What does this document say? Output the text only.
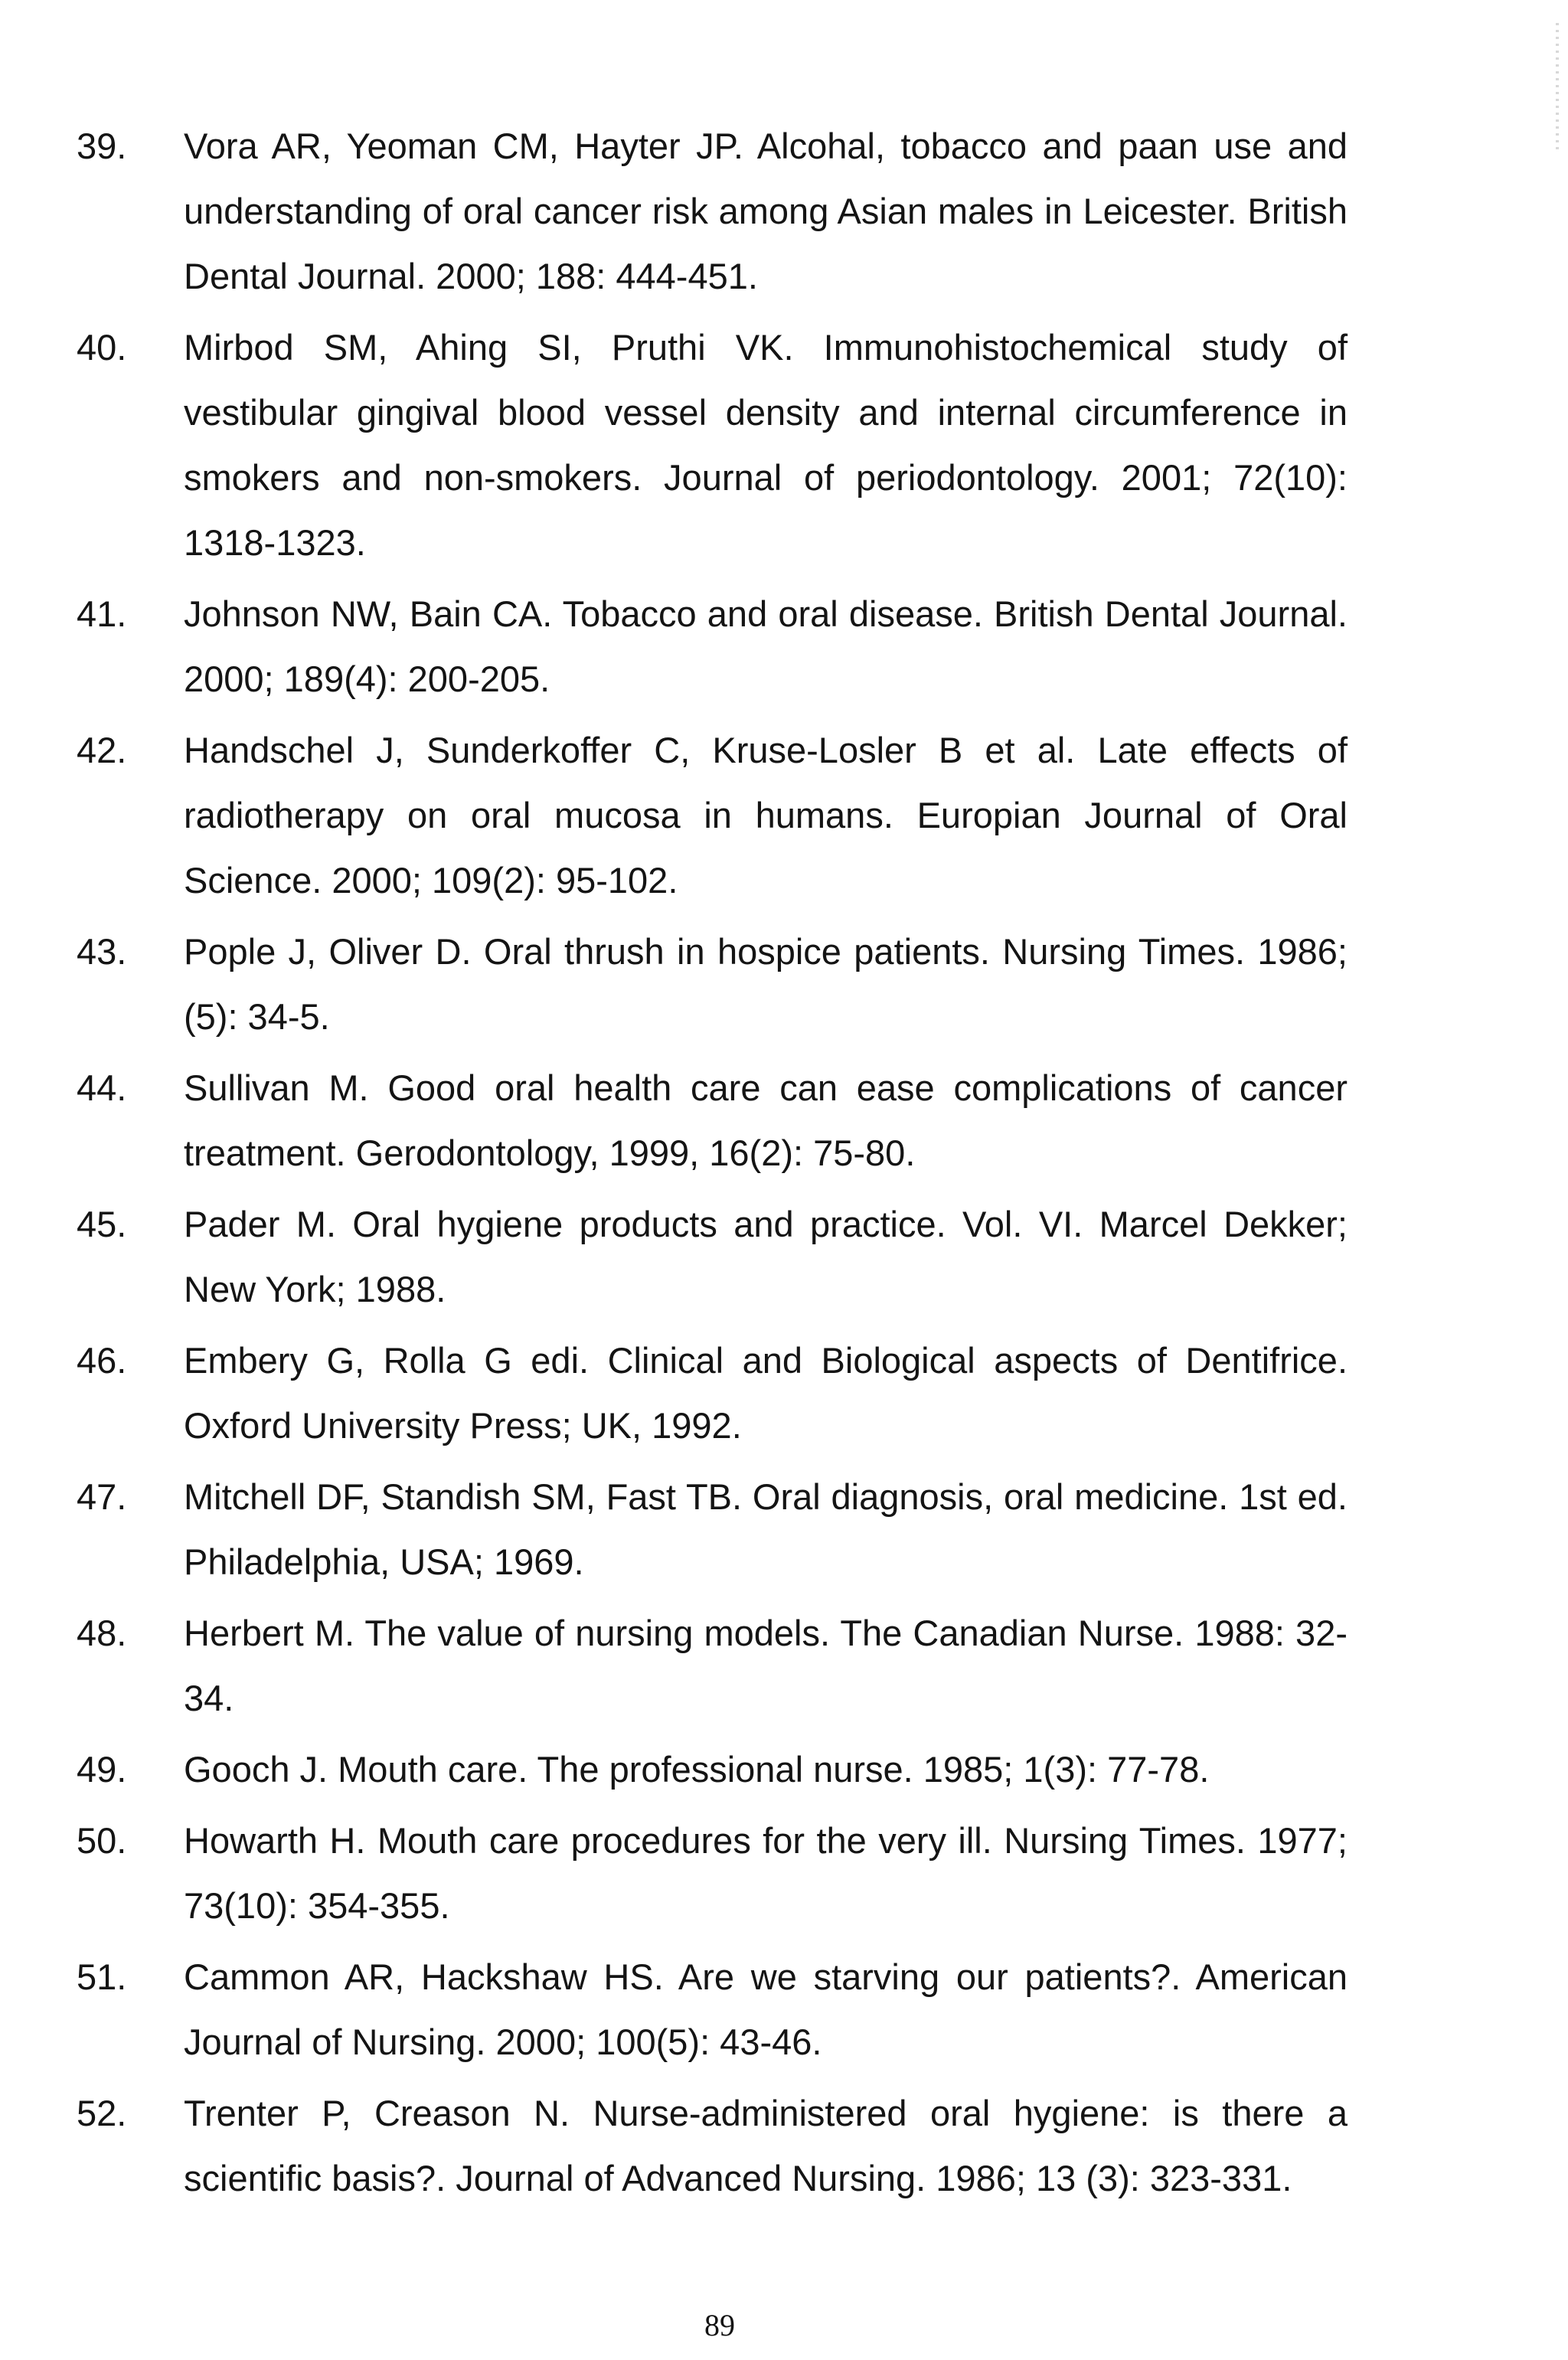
39.	Vora AR, Yeoman CM, Hayter JP. Alcohal, tobacco and paan use and understanding of oral cancer risk among Asian males in Leicester. British Dental Journal. 2000; 188: 444-451.
40.	Mirbod SM, Ahing SI, Pruthi VK. Immunohistochemical study of vestibular gingival blood vessel density and internal circumference in smokers and non-smokers. Journal of periodontology. 2001; 72(10): 1318-1323.
41.	Johnson NW, Bain CA. Tobacco and oral disease. British Dental Journal. 2000; 189(4): 200-205.
42.	Handschel J, Sunderkoffer C, Kruse-Losler B et al. Late effects of radiotherapy on oral mucosa in humans. Europian Journal of Oral Science. 2000; 109(2): 95-102.
43.	Pople J, Oliver D. Oral thrush in hospice patients. Nursing Times. 1986; (5): 34-5.
44.	Sullivan M. Good oral health care can ease complications of cancer treatment. Gerodontology, 1999, 16(2): 75-80.
45.	Pader M. Oral hygiene products and practice. Vol. VI. Marcel Dekker; New York; 1988.
46.	Embery G, Rolla G edi. Clinical and Biological aspects of Dentifrice. Oxford University Press; UK, 1992.
47.	Mitchell DF, Standish SM, Fast TB. Oral diagnosis, oral medicine. 1st ed. Philadelphia, USA; 1969.
48.	Herbert M. The value of nursing models. The Canadian Nurse. 1988: 32-34.
49.	Gooch J. Mouth care. The professional nurse. 1985; 1(3): 77-78.
50.	Howarth H. Mouth care procedures for the very ill. Nursing Times. 1977; 73(10): 354-355.
51.	Cammon AR, Hackshaw HS. Are we starving our patients?. American Journal of Nursing. 2000; 100(5): 43-46.
52.	Trenter P, Creason N. Nurse-administered oral hygiene: is there a scientific basis?. Journal of Advanced Nursing. 1986; 13 (3): 323-331.
89
